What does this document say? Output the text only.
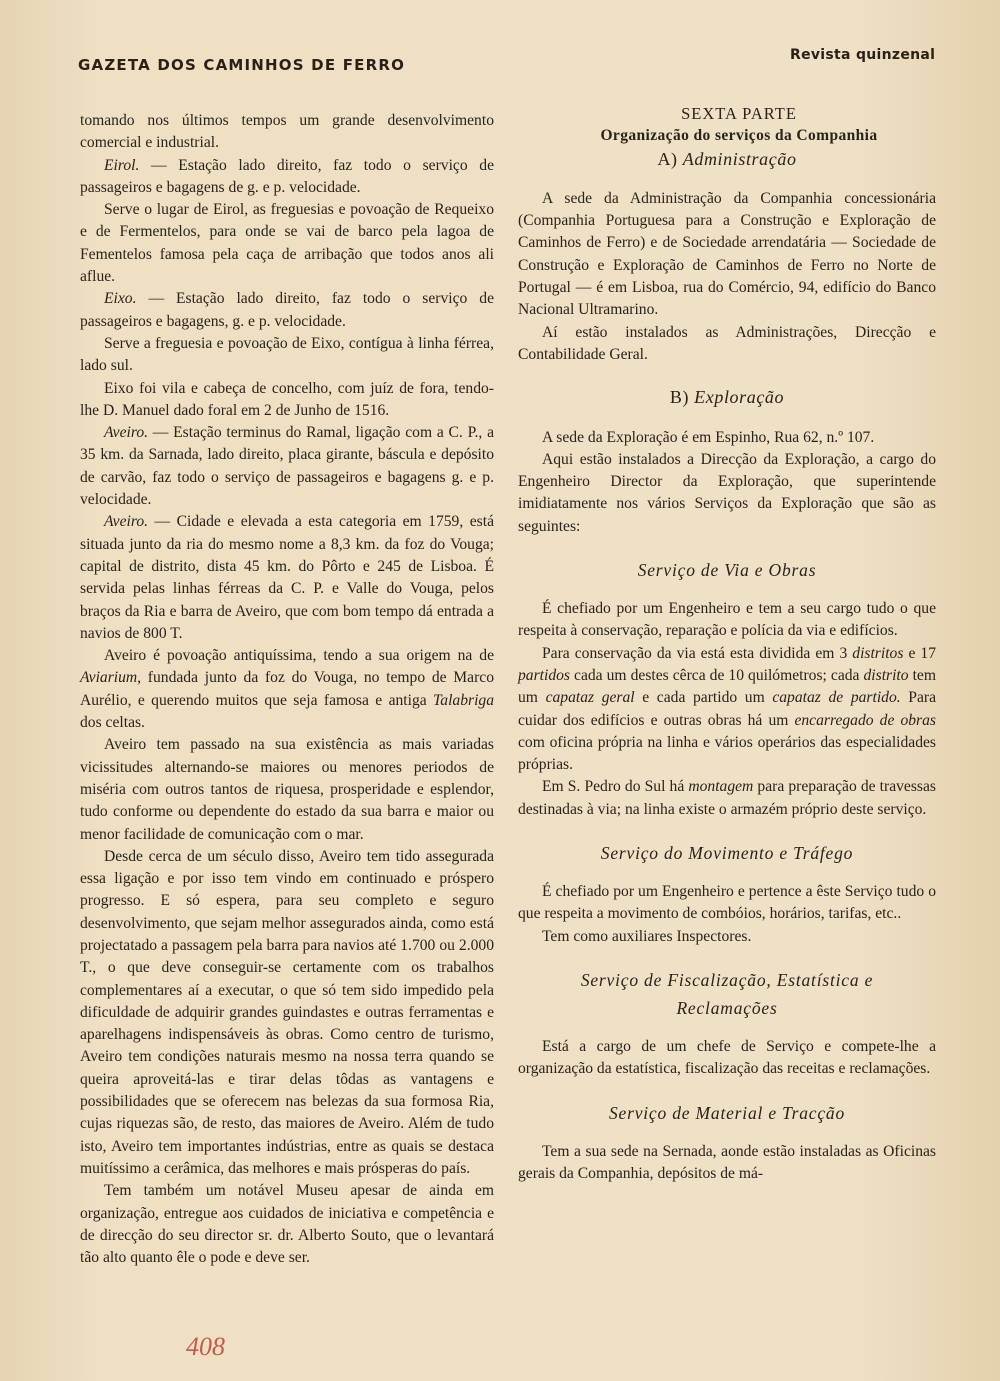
GAZETA DOS CAMINHOS DE FERRO
Revista quinzenal

tomando nos últimos tempos um grande desenvolvimento comercial e industrial.

Eirol. — Estação lado direito, faz todo o serviço de passageiros e bagagens de g. e p. velocidade.

Serve o lugar de Eirol, as freguesias e povoação de Requeixo e de Fermentelos, para onde se vai de barco pela lagoa de Fementelos famosa pela caça de arribação que todos anos ali aflue.

Eixo. — Estação lado direito, faz todo o serviço de passageiros e bagagens, g. e p. velocidade.

Serve a freguesia e povoação de Eixo, contígua à linha férrea, lado sul.

Eixo foi vila e cabeça de concelho, com juíz de fora, tendo-lhe D. Manuel dado foral em 2 de Junho de 1516.

Aveiro. — Estação terminus do Ramal, ligação com a C. P., a 35 km. da Sarnada, lado direito, placa girante, báscula e depósito de carvão, faz todo o serviço de passageiros e bagagens g. e p. velocidade.

Aveiro. — Cidade e elevada a esta categoria em 1759, está situada junto da ria do mesmo nome a 8,3 km. da foz do Vouga; capital de distrito, dista 45 km. do Pôrto e 245 de Lisboa. É servida pelas linhas férreas da C. P. e Valle do Vouga, pelos braços da Ria e barra de Aveiro, que com bom tempo dá entrada a navios de 800 T.

Aveiro é povoação antiquíssima, tendo a sua origem na de Aviarium, fundada junto da foz do Vouga, no tempo de Marco Aurélio, e querendo muitos que seja famosa e antiga Talabriga dos celtas.

Aveiro tem passado na sua existência as mais variadas vicissitudes alternando-se maiores ou menores periodos de miséria com outros tantos de riquesa, prosperidade e esplendor, tudo conforme ou dependente do estado da sua barra e maior ou menor facilidade de comunicação com o mar.

Desde cerca de um século disso, Aveiro tem tido assegurada essa ligação e por isso tem vindo em continuado e próspero progresso. E só espera, para seu completo e seguro desenvolvimento, que sejam melhor assegurados ainda, como está projectatado a passagem pela barra para navios até 1.700 ou 2.000 T., o que deve conseguir-se certamente com os trabalhos complementares aí a executar, o que só tem sido impedido pela dificuldade de adquirir grandes guindastes e outras ferramentas e aparelhagens indispensáveis às obras. Como centro de turismo, Aveiro tem condições naturais mesmo na nossa terra quando se queira aproveitá-las e tirar delas tôdas as vantagens e possibilidades que se oferecem nas belezas da sua formosa Ria, cujas riquezas são, de resto, das maiores de Aveiro. Além de tudo isto, Aveiro tem importantes indústrias, entre as quais se destaca muitíssimo a cerâmica, das melhores e mais prósperas do país.

Tem também um notável Museu apesar de ainda em organização, entregue aos cuidados de iniciativa e competência e de direcção do seu director sr. dr. Alberto Souto, que o levantará tão alto quanto êle o pode e deve ser.

SEXTA PARTE

Organização do serviços da Companhia

A) Administração

A sede da Administração da Companhia concessionária (Companhia Portuguesa para a Construção e Exploração de Caminhos de Ferro) e de Sociedade arrendatária — Sociedade de Construção e Exploração de Caminhos de Ferro no Norte de Portugal — é em Lisboa, rua do Comércio, 94, edifício do Banco Nacional Ultramarino.

Aí estão instalados as Administrações, Direcção e Contabilidade Geral.

B) Exploração

A sede da Exploração é em Espinho, Rua 62, n.º 107.

Aqui estão instalados a Direcção da Exploração, a cargo do Engenheiro Director da Exploração, que superintende imidiatamente nos vários Serviços da Exploração que são as seguintes:

Serviço de Via e Obras

É chefiado por um Engenheiro e tem a seu cargo tudo o que respeita à conservação, reparação e polícia da via e edifícios.

Para conservação da via está esta dividida em 3 distritos e 17 partidos cada um destes cêrca de 10 quilómetros; cada distrito tem um capataz geral e cada partido um capataz de partido. Para cuidar dos edifícios e outras obras há um encarregado de obras com oficina própria na linha e vários operários das especialidades próprias.

Em S. Pedro do Sul há montagem para preparação de travessas destinadas à via; na linha existe o armazém próprio deste serviço.

Serviço do Movimento e Tráfego

É chefiado por um Engenheiro e pertence a êste Serviço tudo o que respeita a movimento de combóios, horários, tarifas, etc..

Tem como auxiliares Inspectores.

Serviço de Fiscalização, Estatística e Reclamações

Está a cargo de um chefe de Serviço e compete-lhe a organização da estatística, fiscalização das receitas e reclamações.

Serviço de Material e Tracção

Tem a sua sede na Sernada, aonde estão instaladas as Oficinas gerais da Companhia, depósitos de má-

408
